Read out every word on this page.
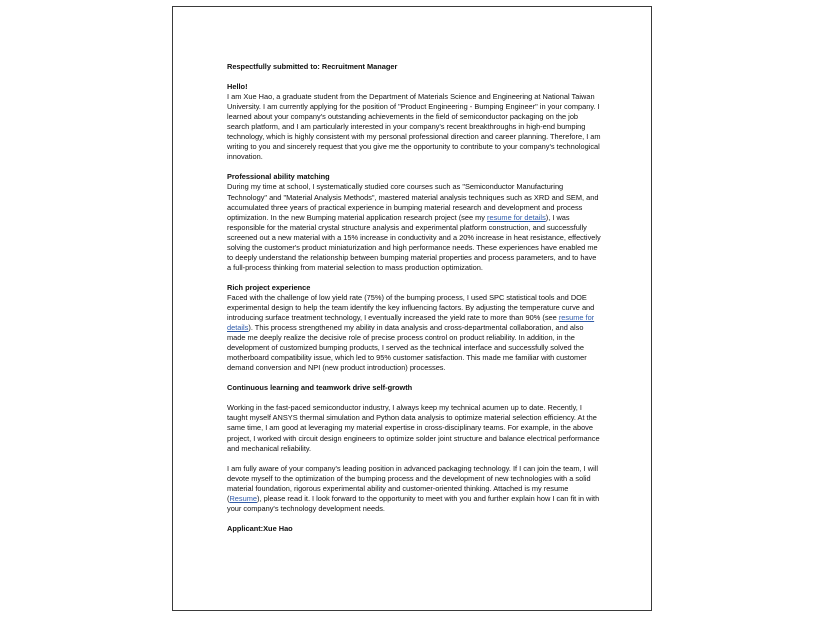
Respectfully submitted to: Recruitment Manager

Hello!

I am Xue Hao, a graduate student from the Department of Materials Science and Engineering at National Taiwan University. I am currently applying for the position of "Product Engineering - Bumping Engineer" in your company. I learned about your company's outstanding achievements in the field of semiconductor packaging on the job search platform, and I am particularly interested in your company's recent breakthroughs in high-end bumping technology, which is highly consistent with my personal professional direction and career planning. Therefore, I am writing to you and sincerely request that you give me the opportunity to contribute to your company's technological innovation.

Professional ability matching

During my time at school, I systematically studied core courses such as "Semiconductor Manufacturing Technology" and "Material Analysis Methods", mastered material analysis techniques such as XRD and SEM, and accumulated three years of practical experience in bumping material research and development and process optimization. In the new Bumping material application research project (see my resume for details), I was responsible for the material crystal structure analysis and experimental platform construction, and successfully screened out a new material with a 15% increase in conductivity and a 20% increase in heat resistance, effectively solving the customer's product miniaturization and high performance needs. These experiences have enabled me to deeply understand the relationship between bumping material properties and process parameters, and to have a full-process thinking from material selection to mass production optimization.

Rich project experience

Faced with the challenge of low yield rate (75%) of the bumping process, I used SPC statistical tools and DOE experimental design to help the team identify the key influencing factors. By adjusting the temperature curve and introducing surface treatment technology, I eventually increased the yield rate to more than 90% (see resume for details). This process strengthened my ability in data analysis and cross-departmental collaboration, and also made me deeply realize the decisive role of precise process control on product reliability. In addition, in the development of customized bumping products, I served as the technical interface and successfully solved the motherboard compatibility issue, which led to 95% customer satisfaction. This made me familiar with customer demand conversion and NPI (new product introduction) processes.

Continuous learning and teamwork drive self-growth

Working in the fast-paced semiconductor industry, I always keep my technical acumen up to date. Recently, I taught myself ANSYS thermal simulation and Python data analysis to optimize material selection efficiency. At the same time, I am good at leveraging my material expertise in cross-disciplinary teams. For example, in the above project, I worked with circuit design engineers to optimize solder joint structure and balance electrical performance and mechanical reliability.

I am fully aware of your company's leading position in advanced packaging technology. If I can join the team, I will devote myself to the optimization of the bumping process and the development of new technologies with a solid material foundation, rigorous experimental ability and customer-oriented thinking. Attached is my resume (Resume), please read it. I look forward to the opportunity to meet with you and further explain how I can fit in with your company's technology development needs.

Applicant:Xue Hao
